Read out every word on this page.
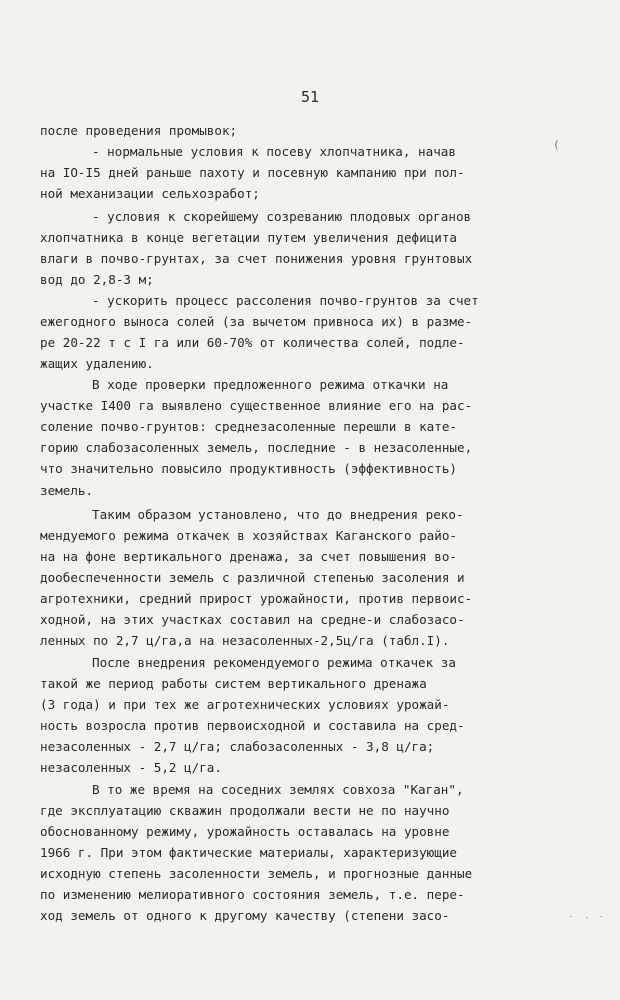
51
(
после проведения промывок;
- нормальные условия к посеву хлопчатника, начав
на IO-I5 дней раньше пахоту и посевную кампанию при пол-
ной механизации сельхозработ;
- условия к скорейшему созреванию плодовых органов
хлопчатника в конце вегетации путем увеличения дефицита
влаги в почво-грунтах, за счет понижения уровня грунтовых
вод до 2,8-3 м;
- ускорить процесс рассоления почво-грунтов за счет
ежегодного выноса солей (за вычетом привноса их) в разме-
ре 20-22 т с I га или 60-70% от количества солей, подле-
жащих удалению.
В ходе проверки предложенного режима откачки на
участке I400 га выявлено существенное влияние его на рас-
соление почво-грунтов: среднезасоленные перешли в кате-
горию слабозасоленных земель, последние - в незасоленные,
что значительно повысило продуктивность (эффективность)
земель.
Таким образом установлено, что до внедрения реко-
мендуемого режима откачек в хозяйствах Каганского райо-
на на фоне вертикального дренажа, за счет повышения во-
дообеспеченности земель с различной степенью засоления и
агротехники, средний прирост урожайности, против первоис-
ходной, на этих участках составил на средне-и слабозасо-
ленных по 2,7 ц/га,а на незасоленных-2,5ц/га (табл.I).
После внедрения рекомендуемого режима откачек за
такой же период работы систем вертикального дренажа
(3 года) и при тех же агротехнических условиях урожай-
ность возросла против первоисходной и составила на сред-
незасоленных - 2,7 ц/га; слабозасоленных - 3,8 ц/га;
незасоленных - 5,2 ц/га.
В то же время на соседних землях совхоза "Каган",
где эксплуатацию скважин продолжали вести не по научно
обоснованному режиму, урожайность оставалась на уровне
1966 г. При этом фактические материалы, характеризующие
исходную степень засоленности земель, и прогнозные данные
по изменению мелиоративного состояния земель, т.е. пере-
ход земель от одного к другому качеству (степени засо-
